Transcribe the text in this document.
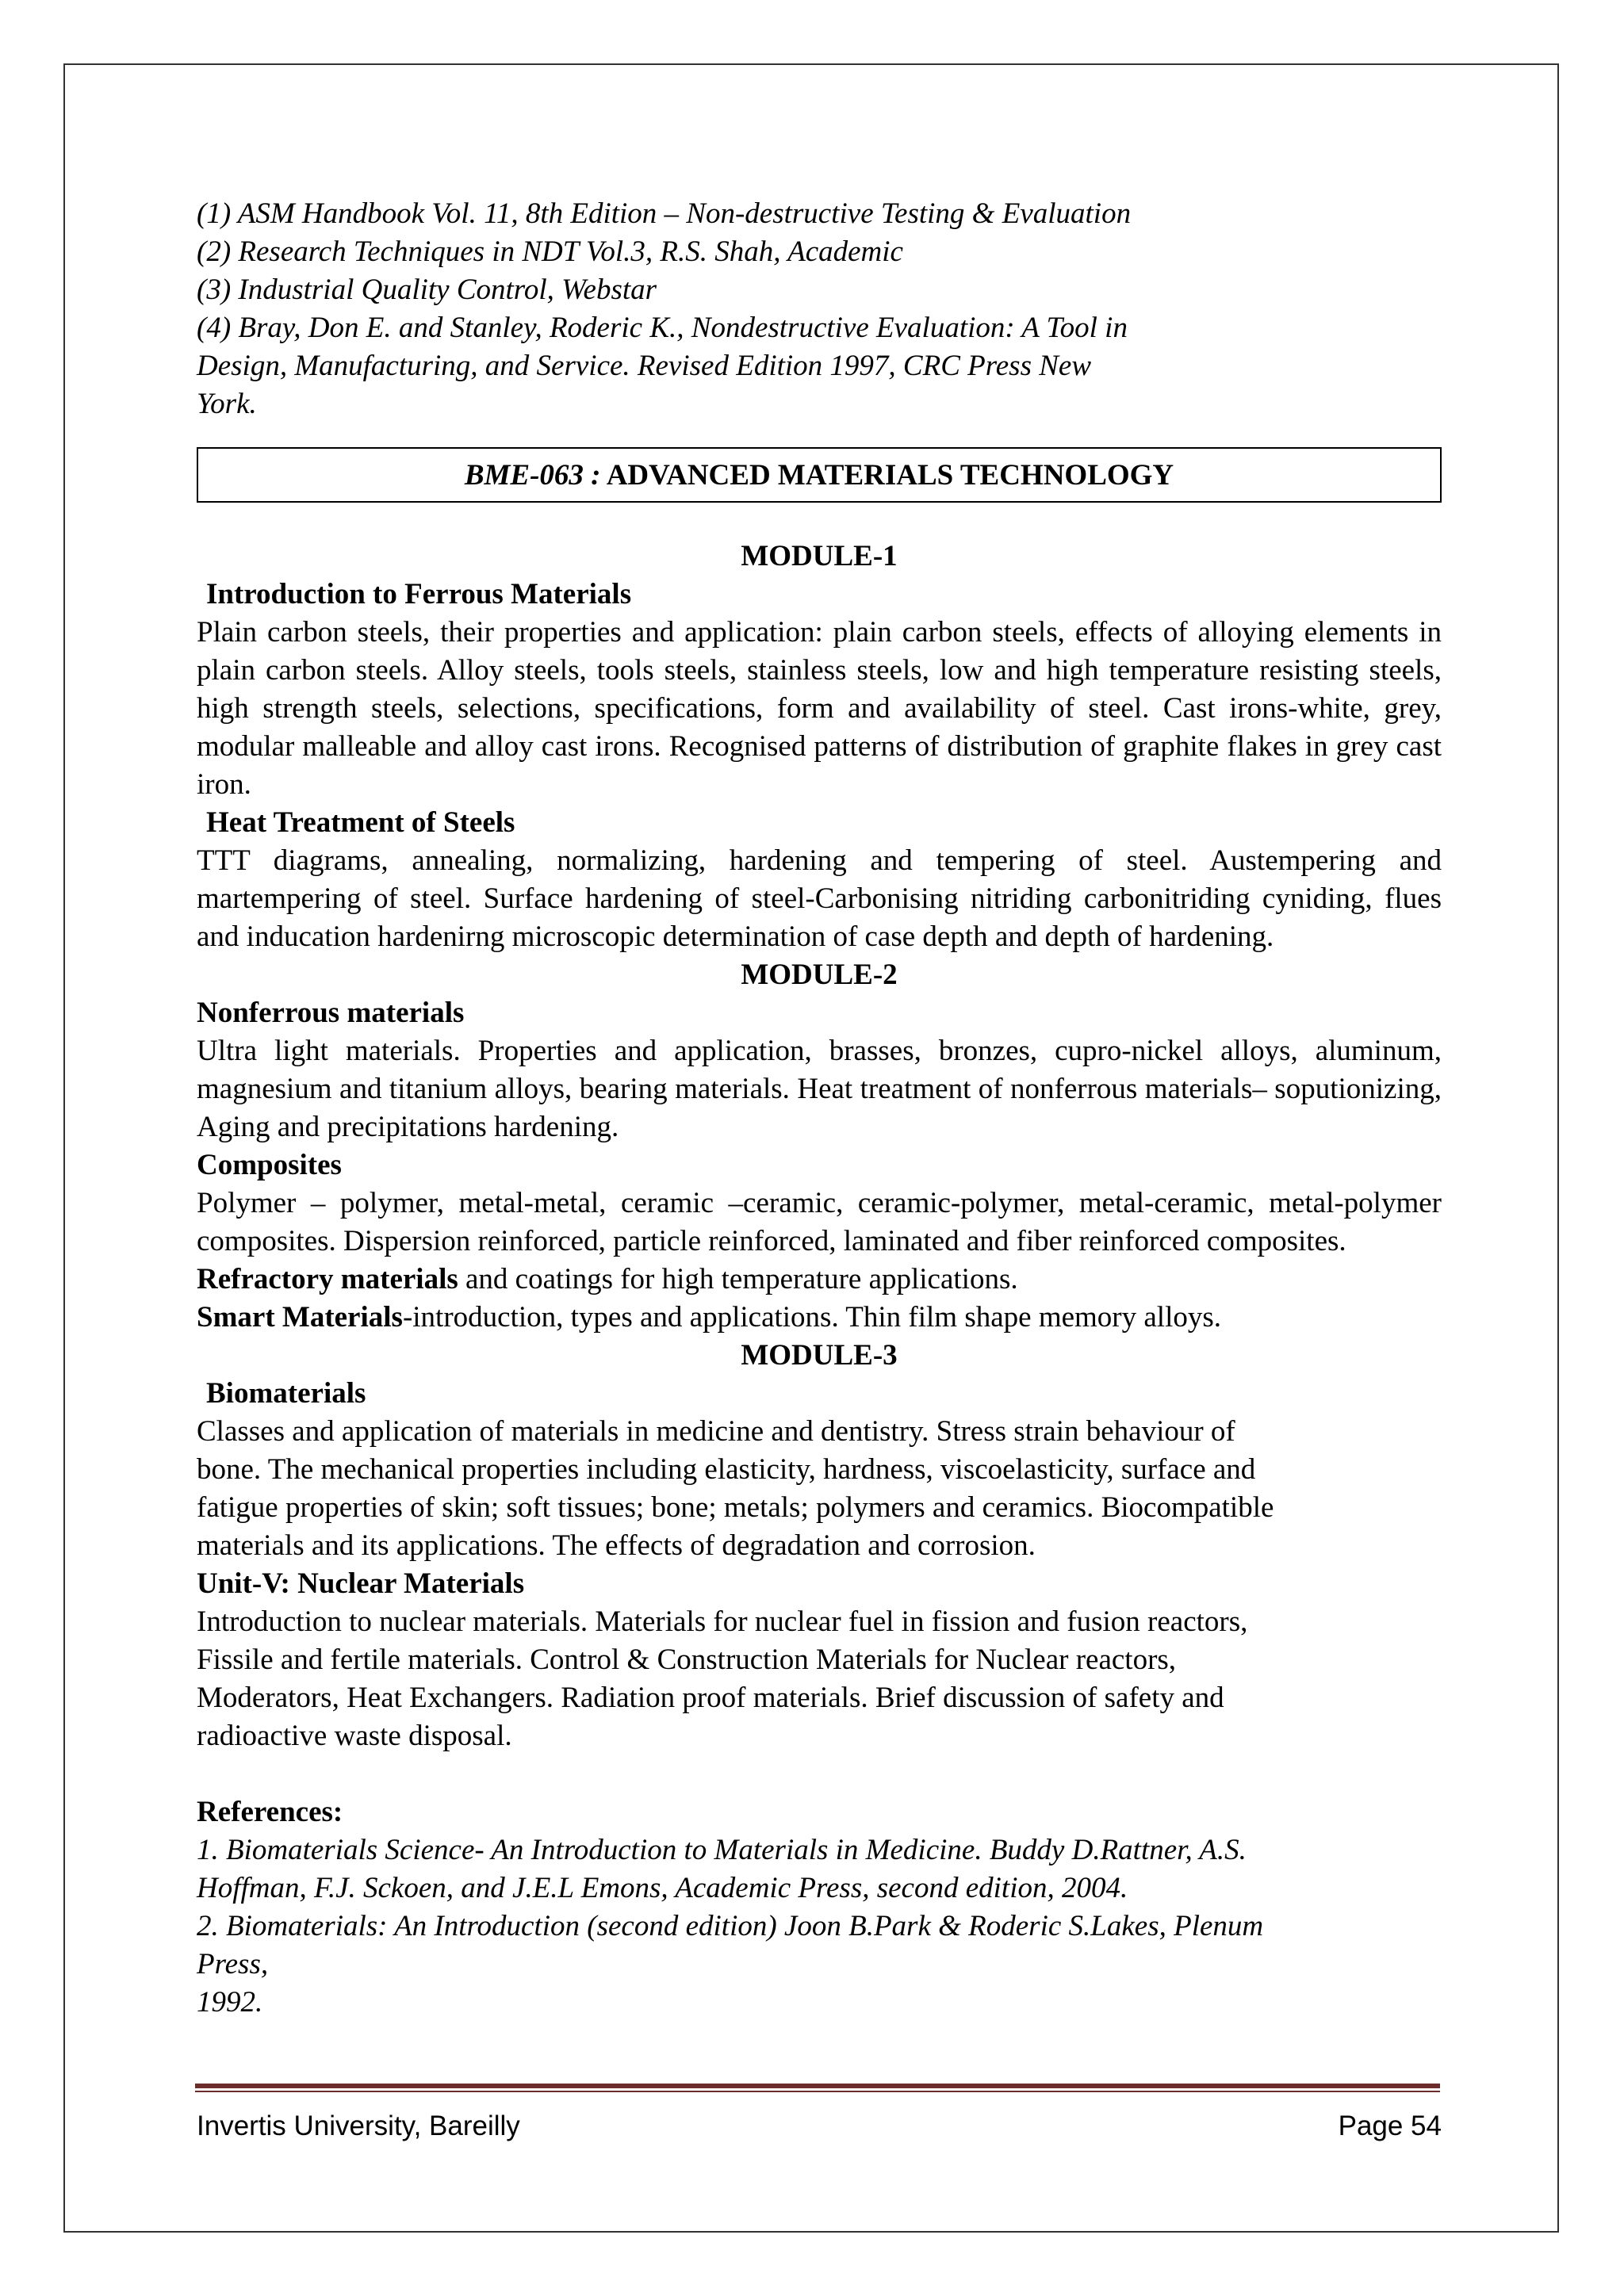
(1) ASM Handbook Vol. 11, 8th Edition – Non-destructive Testing & Evaluation

(2) Research Techniques in NDT Vol.3, R.S. Shah, Academic

(3) Industrial Quality Control, Webstar

(4) Bray, Don E. and Stanley, Roderic K., Nondestructive Evaluation: A Tool in

Design, Manufacturing, and Service. Revised Edition 1997, CRC Press New

York.

BME-063 : ADVANCED MATERIALS TECHNOLOGY

MODULE-1

Introduction to Ferrous Materials

Plain carbon steels, their properties and application: plain carbon steels, effects of alloying elements in plain carbon steels. Alloy steels, tools steels, stainless steels, low and high temperature resisting steels, high strength steels, selections, specifications, form and availability of steel. Cast irons-white, grey, modular malleable and alloy cast irons. Recognised patterns of distribution of graphite flakes in grey cast iron.

Heat Treatment of Steels

TTT diagrams, annealing, normalizing, hardening and tempering of steel. Austempering and martempering of steel. Surface hardening of steel-Carbonising nitriding carbonitriding cyniding, flues and inducation hardenirng microscopic determination of case depth and depth of hardening.

MODULE-2

Nonferrous materials

Ultra light materials. Properties and application, brasses, bronzes, cupro-nickel alloys, aluminum, magnesium and titanium alloys, bearing materials. Heat treatment of nonferrous materials– soputionizing, Aging and precipitations hardening.

Composites

Polymer – polymer, metal-metal, ceramic –ceramic, ceramic-polymer, metal-ceramic, metal-polymer composites. Dispersion reinforced, particle reinforced, laminated and fiber reinforced composites.

Refractory materials and coatings for high temperature applications.

Smart Materials-introduction, types and applications. Thin film shape memory alloys.

MODULE-3

Biomaterials

Classes and application of materials in medicine and dentistry. Stress strain behaviour of

bone. The mechanical properties including elasticity, hardness, viscoelasticity, surface and

fatigue properties of skin; soft tissues; bone; metals; polymers and ceramics. Biocompatible

materials and its applications. The effects of degradation and corrosion.

Unit-V: Nuclear Materials

Introduction to nuclear materials. Materials for nuclear fuel in fission and fusion reactors,

Fissile and fertile materials. Control & Construction Materials for Nuclear reactors,

Moderators, Heat Exchangers. Radiation proof materials. Brief discussion of safety and

radioactive waste disposal.

References:

1. Biomaterials Science- An Introduction to Materials in Medicine. Buddy D.Rattner, A.S.

Hoffman, F.J. Sckoen, and J.E.L Emons, Academic Press, second edition, 2004.

2. Biomaterials: An Introduction (second edition) Joon B.Park & Roderic S.Lakes, Plenum

Press,

1992.

Invertis University, Bareilly	Page 54
